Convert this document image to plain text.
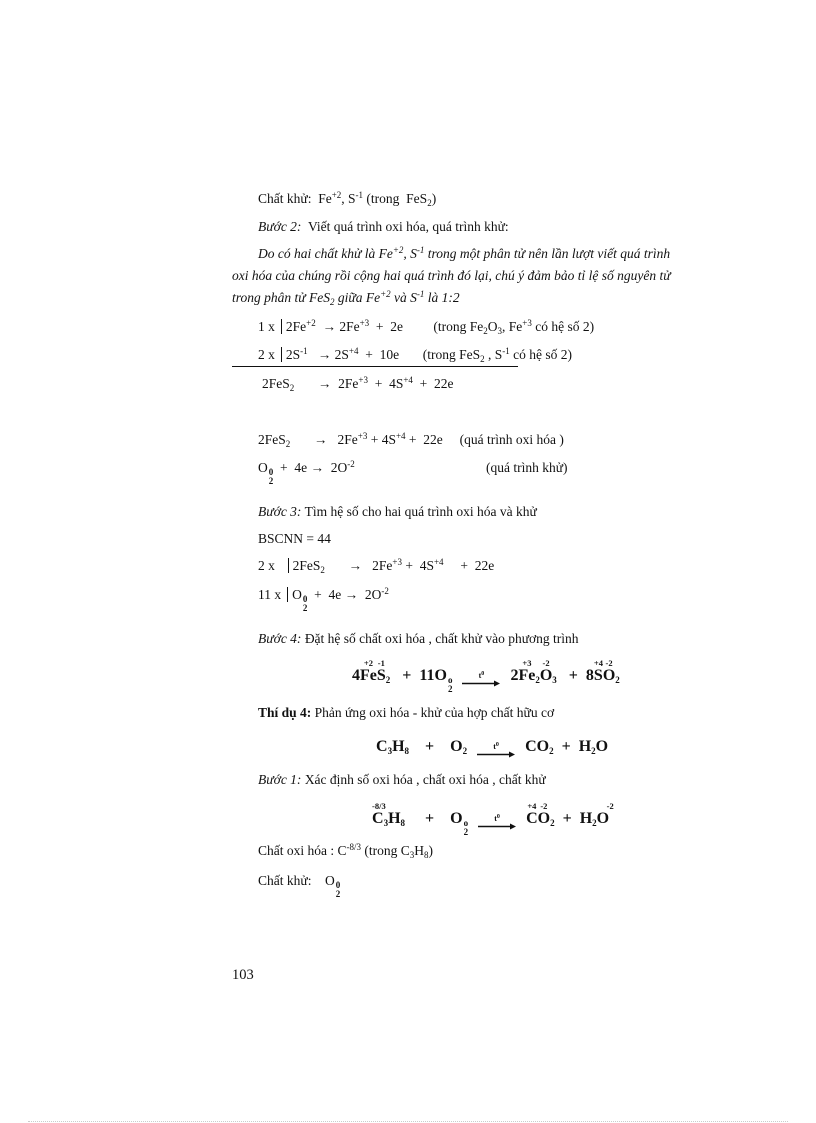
Chất khử:  $Fe^{+2}$, $S^{-1}$ (trong  FeS$_2$)
Bước 2: Viết quá trình oxi hóa, quá trình khử:
Do có hai chất khử là $Fe^{+2}$, $S^{-1}$ trong một phân tử nên lần lượt viết quá trình
oxi hóa của chúng rồi cộng hai quá trình đó lại, chú ý đảm bảo tỉ lệ số nguyên tử
trong phân tử FeS$_2$ giữa $Fe^{+2}$ và $S^{-1}$ là 1:2
1 x $2Fe^{+2} \to 2Fe^{+3} + 2e$         (trong $Fe_2O_3$, $Fe^{+3}$ có hệ số 2)
2 x $2S^{-1} \to 2S^{+4} + 10e$       (trong FeS$_2$ , $S^{-1}$ có hệ số 2)
2FeS$_2$       →  $2Fe^{+3} + 4S^{+4} + 22e$
2FeS$_2$       →   $2Fe^{+3} + 4S^{+4} + 22e$     (quá trình oxi hóa )
O 0
2
+  $4e \to 2O^{-2}$	(quá trình khử)
Bước 3: Tìm hệ số cho hai quá trình oxi hóa và khử
BSCNN = 44
2 x 2FeS$_2$       →   $2Fe^{+3} + 4S^{+4}$     +  22e
11 x O 0
2
+  $4e \to 2O^{-2}$
Bước 4: Đặt hệ số chất oxi hóa , chất khử vào phương trình
4Fe
+2
S
-1
$_2$   +  11O o
2

$t^0$ 2Fe
+3
$_2$O
-2
$_3$   +  8S
+4
O
-2
$_2$
Thí dụ 4: Phản ứng oxi hóa - khử của hợp chất hữu cơ
$C_3H_8$    +    $O_2$	$t^0$ $CO_2 + H_2O$
Bước 1: Xác định số oxi hóa , chất oxi hóa , chất khử
C
-8/3
$_3H_8$     +    O o
2

$t^0$ C
+4
O
-2
$_2 + H_2O$
-2
Chất oxi hóa : $C^{-8/3}$ (trong $C_3H_8$)
Chất khử:    O 0
2
103
